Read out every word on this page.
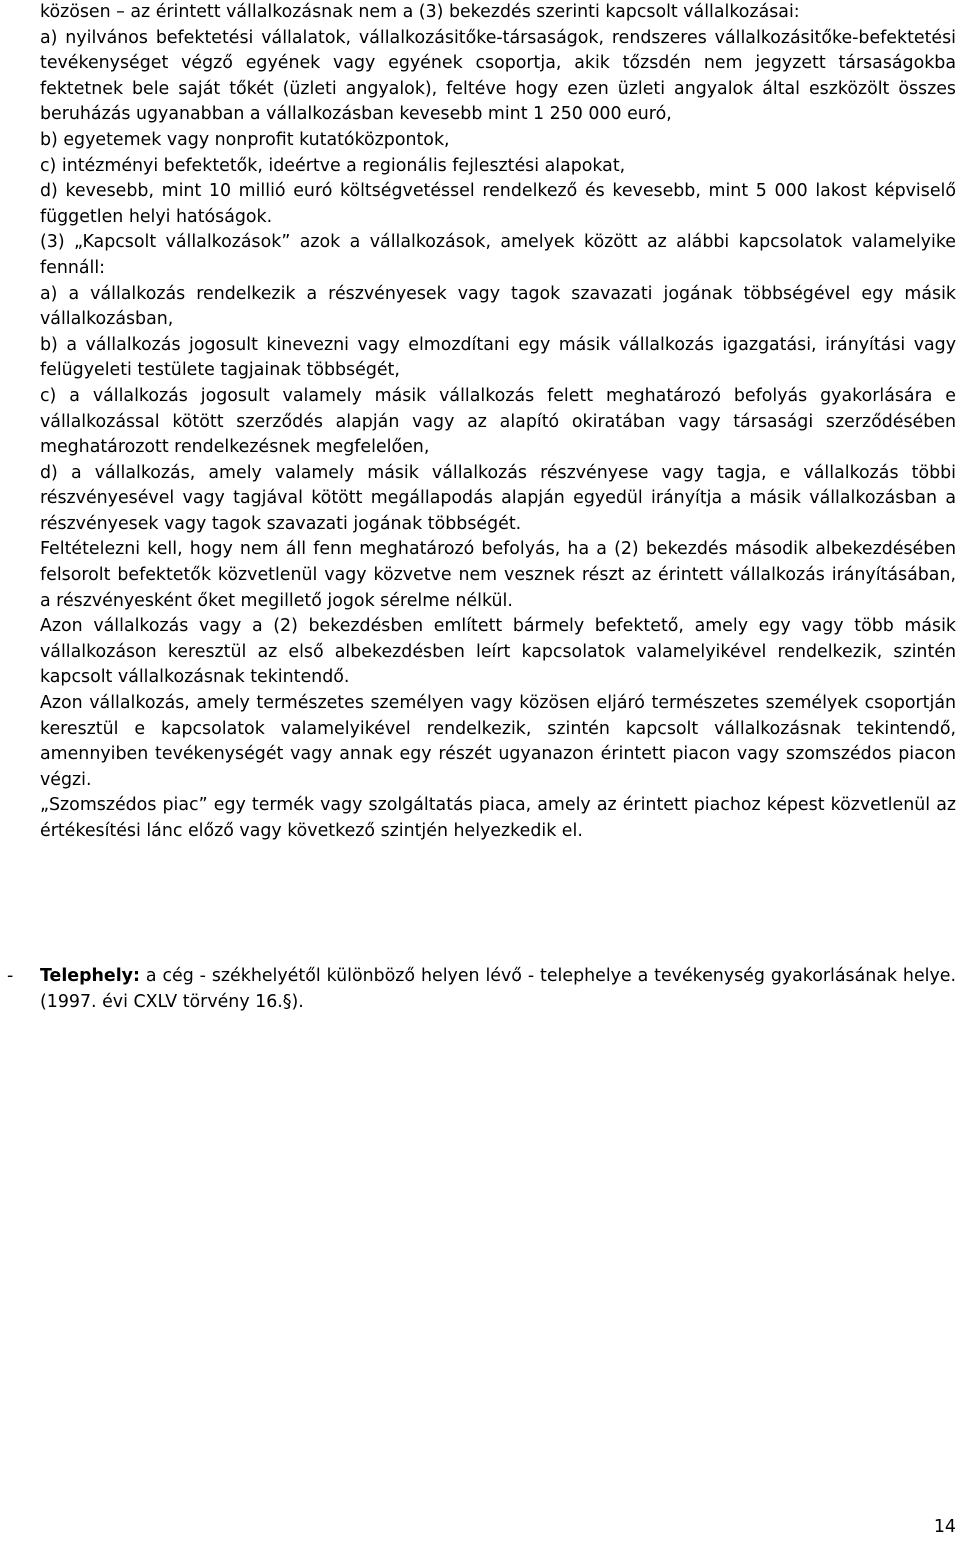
közösen – az érintett vállalkozásnak nem a (3) bekezdés szerinti kapcsolt vállalkozásai:

a) nyilvános befektetési vállalatok, vállalkozásitőke-társaságok, rendszeres vállalkozásitőke-befektetési tevékenységet végző egyének vagy egyének csoportja, akik tőzsdén nem jegyzett társaságokba fektetnek bele saját tőkét (üzleti angyalok), feltéve hogy ezen üzleti angyalok által eszközölt összes beruházás ugyanabban a vállalkozásban kevesebb mint 1 250 000 euró,

b) egyetemek vagy nonprofit kutatóközpontok,

c) intézményi befektetők, ideértve a regionális fejlesztési alapokat,

d) kevesebb, mint 10 millió euró költségvetéssel rendelkező és kevesebb, mint 5 000 lakost képviselő független helyi hatóságok.

(3) „Kapcsolt vállalkozások” azok a vállalkozások, amelyek között az alábbi kapcsolatok valamelyike fennáll:

a) a vállalkozás rendelkezik a részvényesek vagy tagok szavazati jogának többségével egy másik vállalkozásban,

b) a vállalkozás jogosult kinevezni vagy elmozdítani egy másik vállalkozás igazgatási, irányítási vagy felügyeleti testülete tagjainak többségét,

c) a vállalkozás jogosult valamely másik vállalkozás felett meghatározó befolyás gyakorlására e vállalkozással kötött szerződés alapján vagy az alapító okiratában vagy társasági szerződésében meghatározott rendelkezésnek megfelelően,

d) a vállalkozás, amely valamely másik vállalkozás részvényese vagy tagja, e vállalkozás többi részvényesével vagy tagjával kötött megállapodás alapján egyedül irányítja a másik vállalkozásban a részvényesek vagy tagok szavazati jogának többségét.

Feltételezni kell, hogy nem áll fenn meghatározó befolyás, ha a (2) bekezdés második albekezdésében felsorolt befektetők közvetlenül vagy közvetve nem vesznek részt az érintett vállalkozás irányításában, a részvényesként őket megillető jogok sérelme nélkül.

Azon vállalkozás vagy a (2) bekezdésben említett bármely befektető, amely egy vagy több másik vállalkozáson keresztül az első albekezdésben leírt kapcsolatok valamelyikével rendelkezik, szintén kapcsolt vállalkozásnak tekintendő.

Azon vállalkozás, amely természetes személyen vagy közösen eljáró természetes személyek csoportján keresztül e kapcsolatok valamelyikével rendelkezik, szintén kapcsolt vállalkozásnak tekintendő, amennyiben tevékenységét vagy annak egy részét ugyanazon érintett piacon vagy szomszédos piacon végzi.

„Szomszédos piac” egy termék vagy szolgáltatás piaca, amely az érintett piachoz képest közvetlenül az értékesítési lánc előző vagy következő szintjén helyezkedik el.

- Telephely: a cég - székhelyétől különböző helyen lévő - telephelye a tevékenység gyakorlásának helye. (1997. évi CXLV törvény 16.§).

14
